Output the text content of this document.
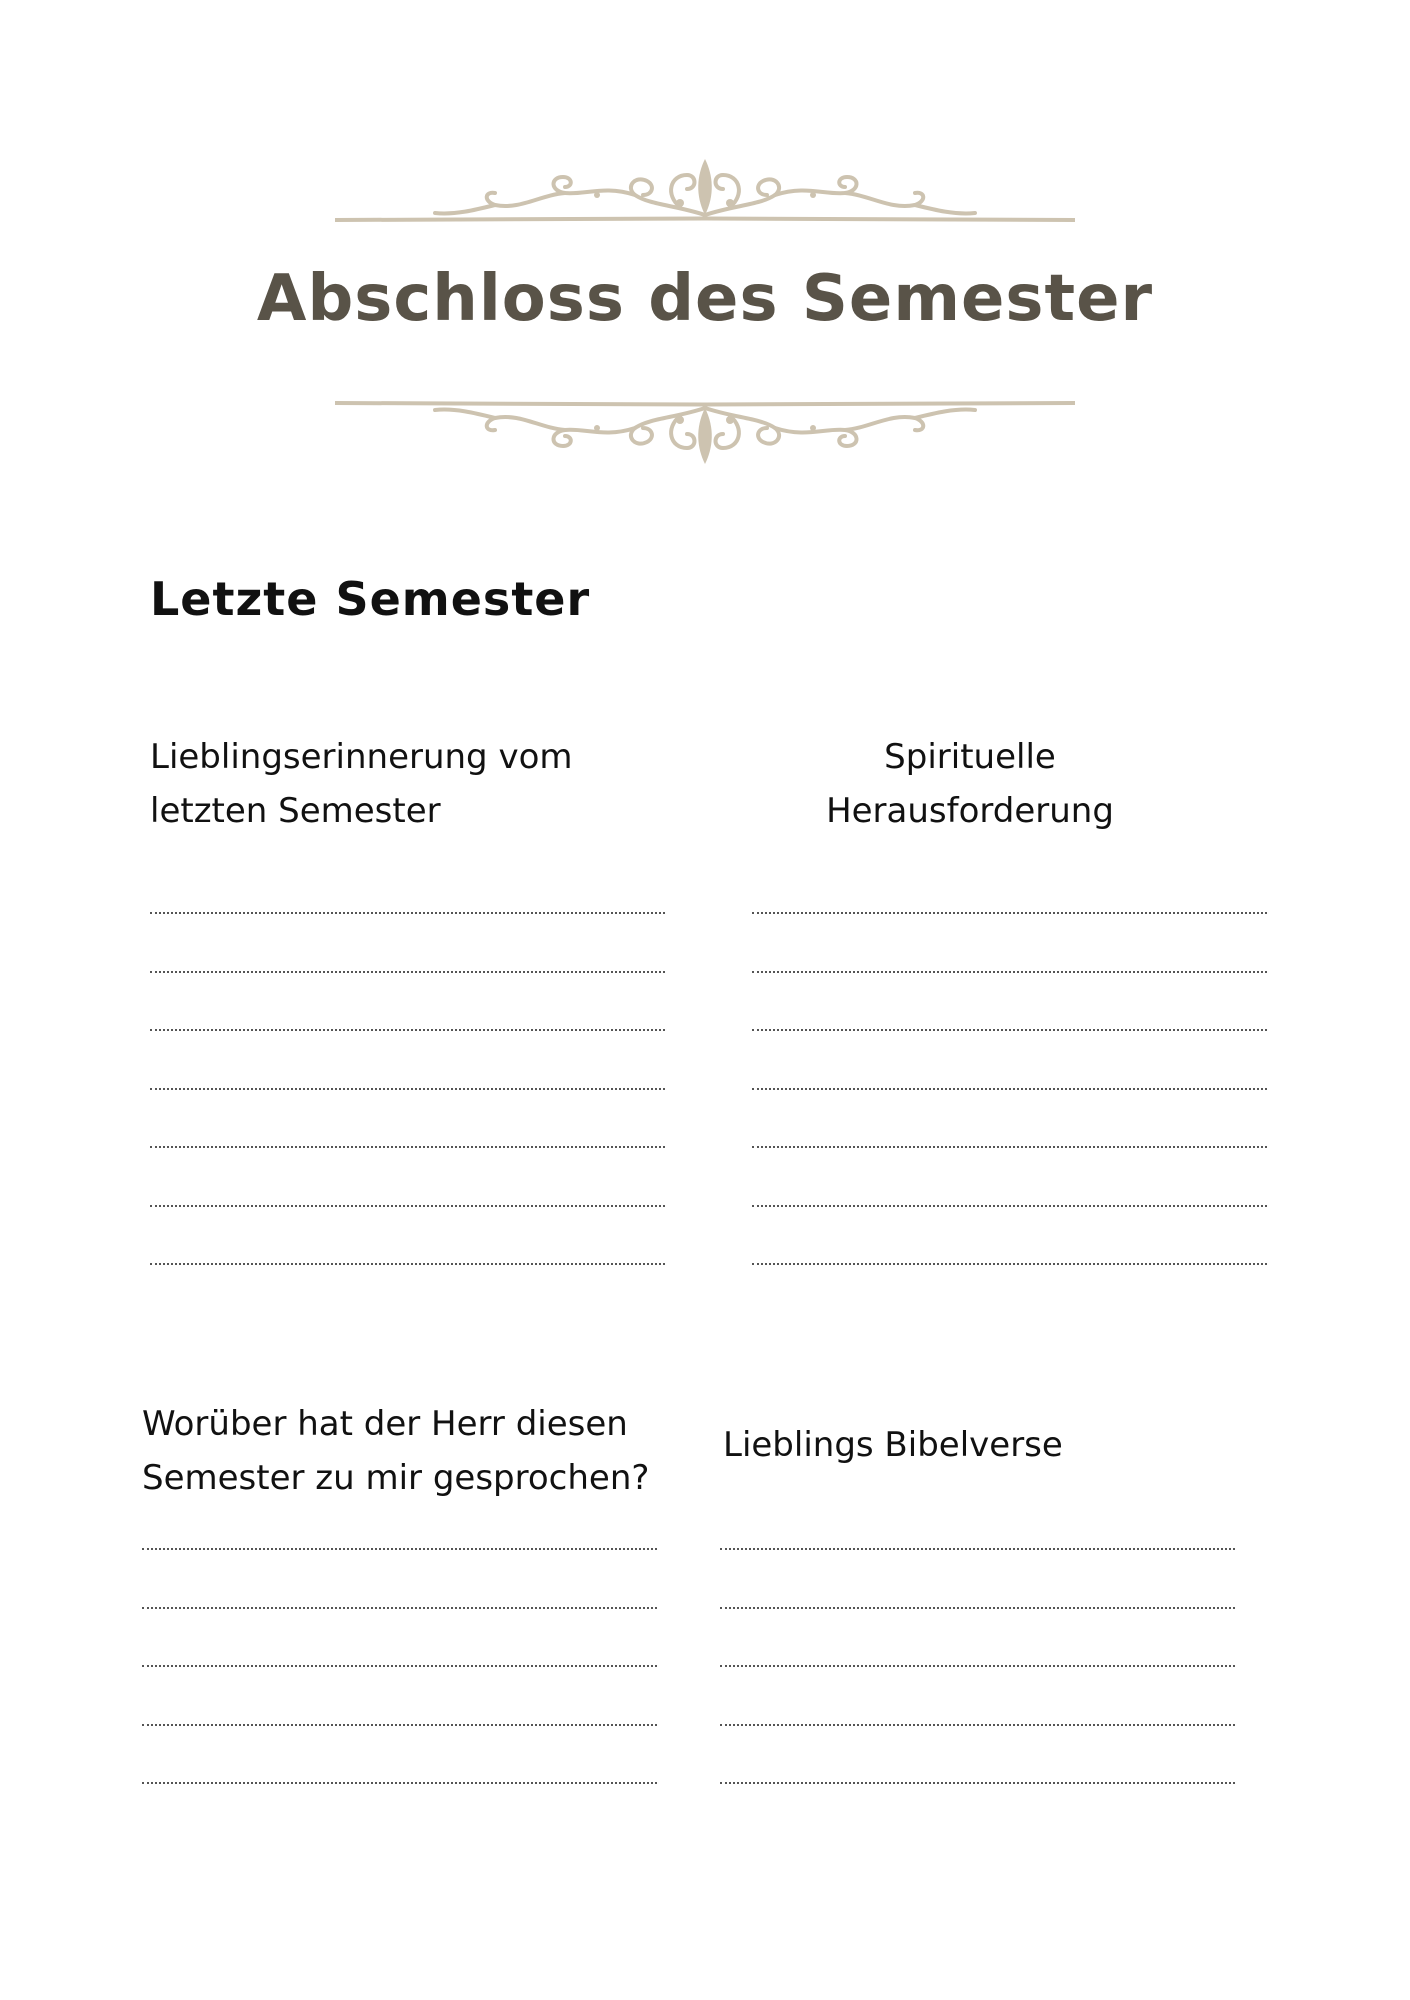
Abschloss des Semester
Letzte Semester
Lieblingserinnerung vom
letzten Semester
Spirituelle
Herausforderung
Worüber hat der Herr diesen
Semester zu mir gesprochen?
Lieblings Bibelverse
